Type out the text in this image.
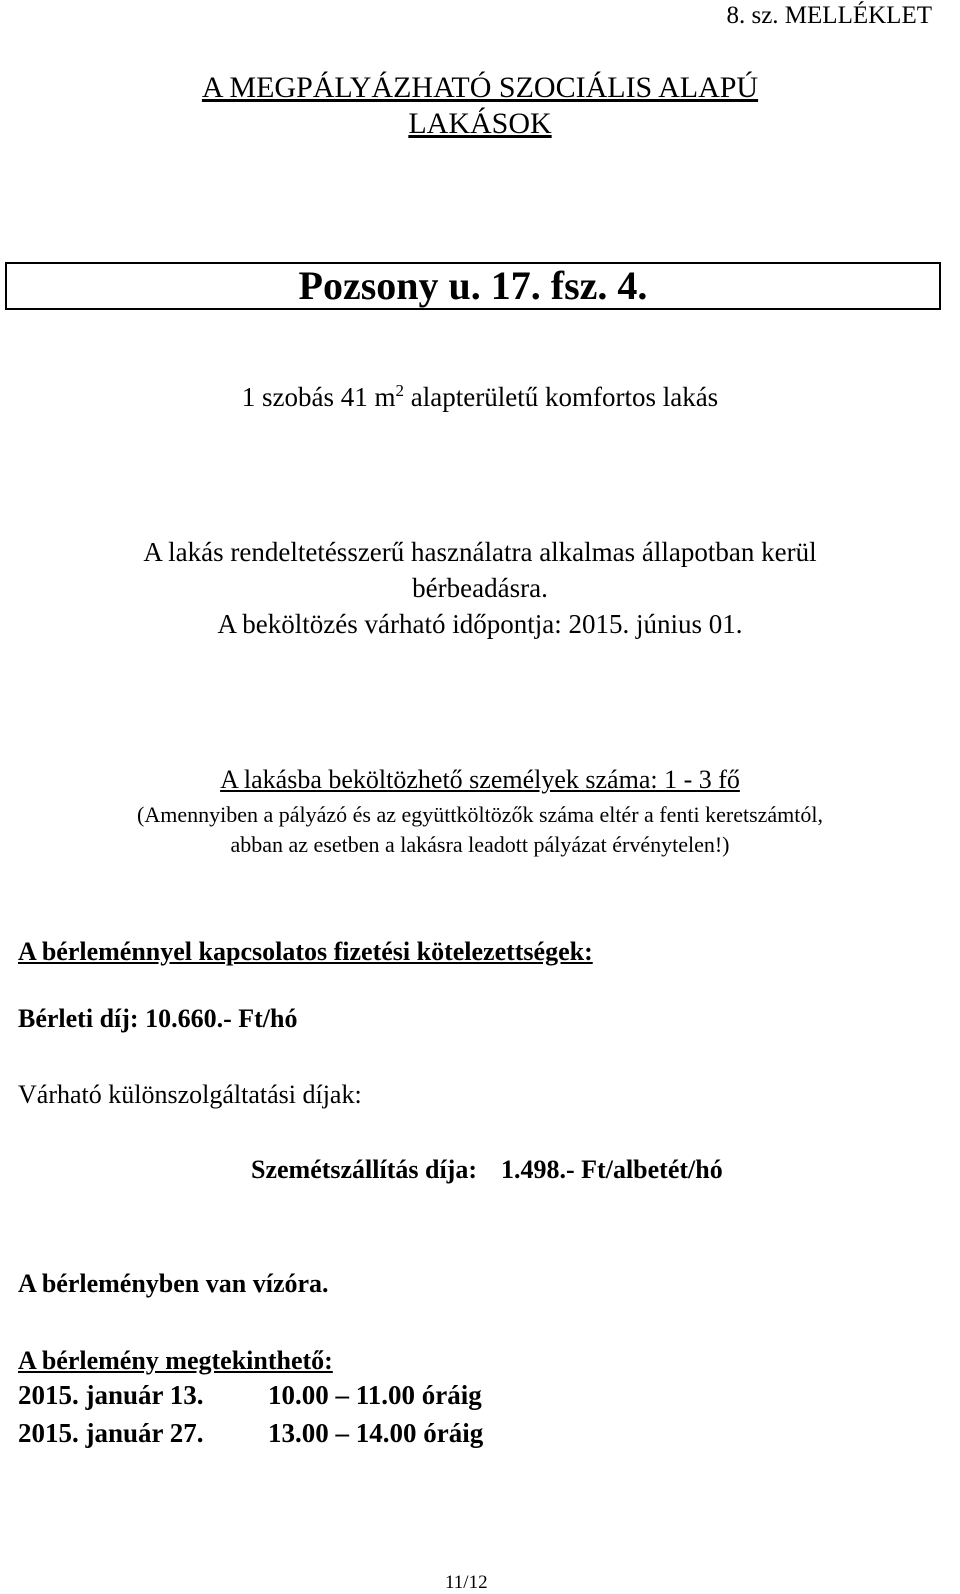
8. sz. MELLÉKLET
A MEGPÁLYÁZHATÓ SZOCIÁLIS ALAPÚ
LAKÁSOK
Pozsony u. 17. fsz. 4.
1 szobás 41 $m^2$ alapterületű komfortos lakás
A lakás rendeltetésszerű használatra alkalmas állapotban kerül
bérbeadásra.
A beköltözés várható időpontja: 2015. június 01.
A lakásba beköltözhető személyek száma: 1 - 3 fő
(Amennyiben a pályázó és az együttköltözők száma eltér a fenti keretszámtól,
abban az esetben a lakásra leadott pályázat érvénytelen!)
A bérleménnyel kapcsolatos fizetési kötelezettségek:
Bérleti díj: 10.660.- Ft/hó
Várható különszolgáltatási díjak:
Szemétszállítás díja: 1.498.- Ft/albetét/hó
A bérleményben van vízóra.
A bérlemény megtekinthető:
2015. január 13. 10.00 – 11.00 óráig
2015. január 27. 13.00 – 14.00 óráig
11/12
